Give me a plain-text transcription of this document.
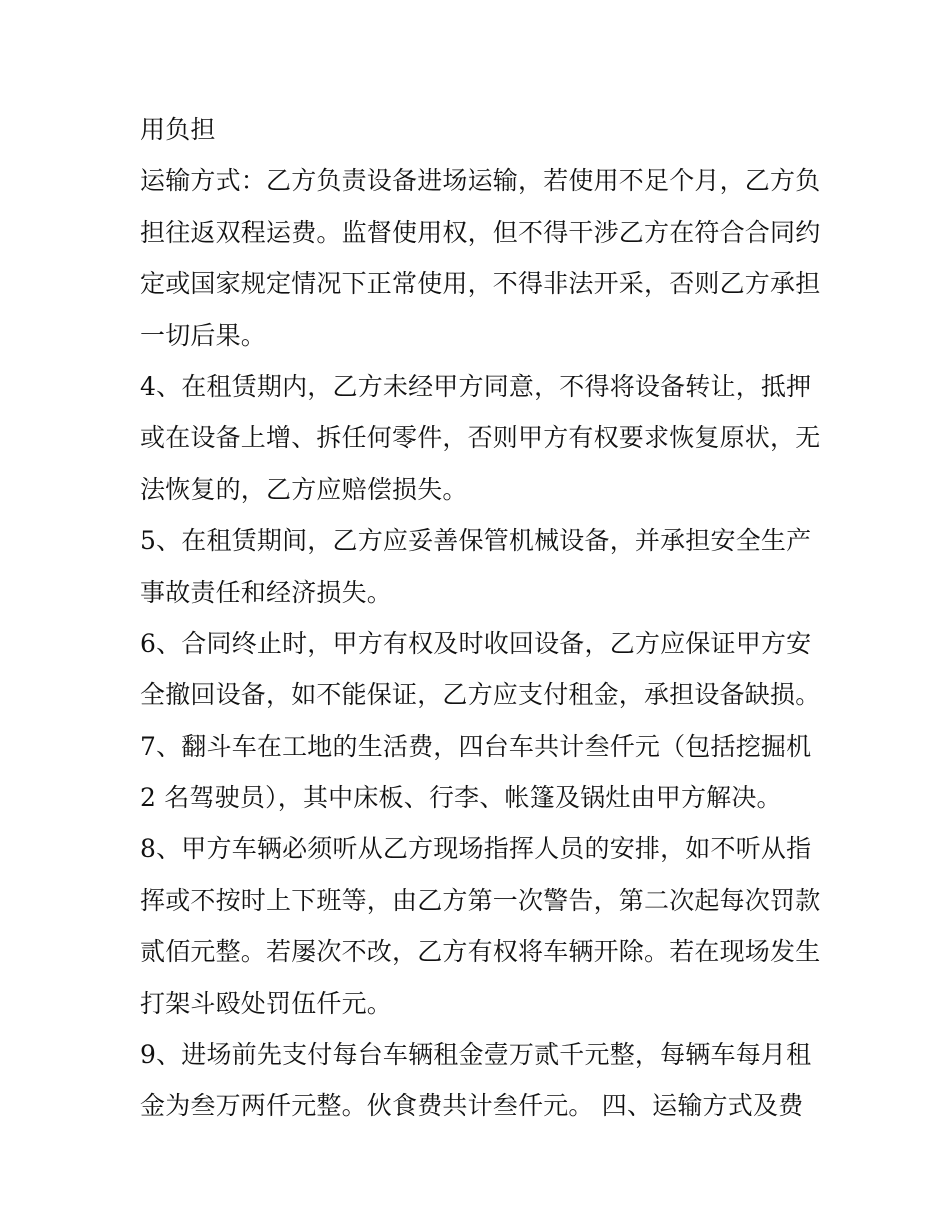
用负担
运输方式：乙方负责设备进场运输，若使用不足个月，乙方负
担往返双程运费。监督使用权，但不得干涉乙方在符合合同约
定或国家规定情况下正常使用，不得非法开采，否则乙方承担
一切后果。
4、在租赁期内，乙方未经甲方同意，不得将设备转让，抵押
或在设备上增、拆任何零件，否则甲方有权要求恢复原状，无
法恢复的，乙方应赔偿损失。
5、在租赁期间，乙方应妥善保管机械设备，并承担安全生产
事故责任和经济损失。
6、合同终止时，甲方有权及时收回设备，乙方应保证甲方安
全撤回设备，如不能保证，乙方应支付租金，承担设备缺损。
7、翻斗车在工地的生活费，四台车共计叁仟元（包括挖掘机
2 名驾驶员），其中床板、行李、帐篷及锅灶由甲方解决。
8、甲方车辆必须听从乙方现场指挥人员的安排，如不听从指
挥或不按时上下班等，由乙方第一次警告，第二次起每次罚款
贰佰元整。若屡次不改，乙方有权将车辆开除。若在现场发生
打架斗殴处罚伍仟元。
9、进场前先支付每台车辆租金壹万贰千元整，每辆车每月租
金为叁万两仟元整。伙食费共计叁仟元。 四、运输方式及费
